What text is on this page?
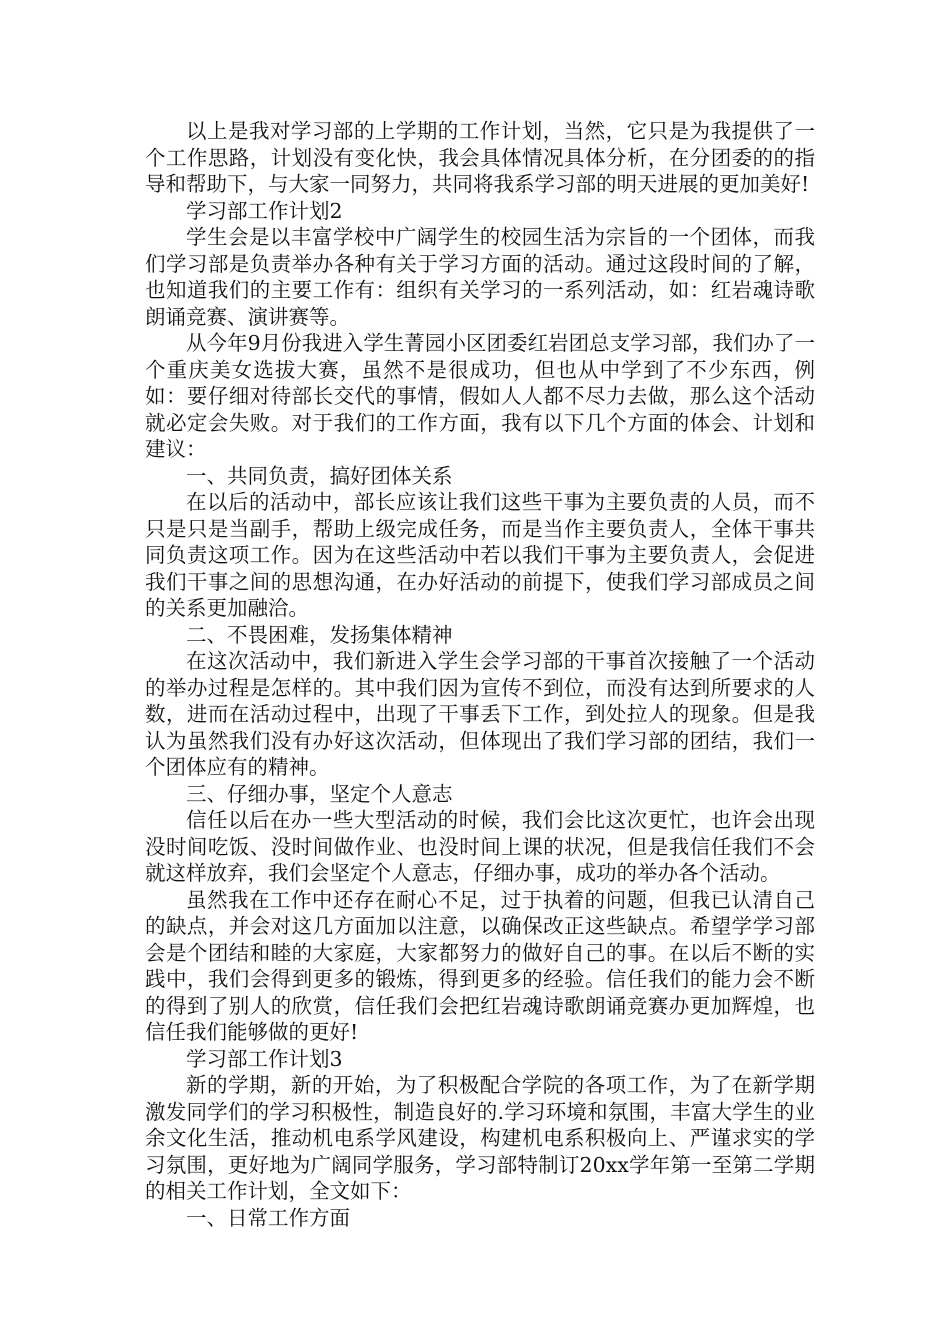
以上是我对学习部的上学期的工作计划，当然，它只是为我提供了一个工作思路，计划没有变化快，我会具体情况具体分析，在分团委的的指导和帮助下，与大家一同努力，共同将我系学习部的明天进展的更加美好!

学习部工作计划2

学生会是以丰富学校中广阔学生的校园生活为宗旨的一个团体，而我们学习部是负责举办各种有关于学习方面的活动。通过这段时间的了解，也知道我们的主要工作有：组织有关学习的一系列活动，如：红岩魂诗歌朗诵竞赛、演讲赛等。

从今年9月份我进入学生菁园小区团委红岩团总支学习部，我们办了一个重庆美女选拔大赛，虽然不是很成功，但也从中学到了不少东西，例如：要仔细对待部长交代的事情，假如人人都不尽力去做，那么这个活动就必定会失败。对于我们的工作方面，我有以下几个方面的体会、计划和建议：

一、共同负责，搞好团体关系

在以后的活动中，部长应该让我们这些干事为主要负责的人员，而不只是只是当副手，帮助上级完成任务，而是当作主要负责人，全体干事共同负责这项工作。因为在这些活动中若以我们干事为主要负责人，会促进我们干事之间的思想沟通，在办好活动的前提下，使我们学习部成员之间的关系更加融洽。

二、不畏困难，发扬集体精神

在这次活动中，我们新进入学生会学习部的干事首次接触了一个活动的举办过程是怎样的。其中我们因为宣传不到位，而没有达到所要求的人数，进而在活动过程中，出现了干事丢下工作，到处拉人的现象。但是我认为虽然我们没有办好这次活动，但体现出了我们学习部的团结，我们一个团体应有的精神。

三、仔细办事，坚定个人意志

信任以后在办一些大型活动的时候，我们会比这次更忙，也许会出现没时间吃饭、没时间做作业、也没时间上课的状况，但是我信任我们不会就这样放弃，我们会坚定个人意志，仔细办事，成功的举办各个活动。

虽然我在工作中还存在耐心不足，过于执着的问题，但我已认清自己的缺点，并会对这几方面加以注意，以确保改正这些缺点。希望学学习部会是个团结和睦的大家庭，大家都努力的做好自己的事。在以后不断的实践中，我们会得到更多的锻炼，得到更多的经验。信任我们的能力会不断的得到了别人的欣赏，信任我们会把红岩魂诗歌朗诵竞赛办更加辉煌，也信任我们能够做的更好!

学习部工作计划3

新的学期，新的开始，为了积极配合学院的各项工作，为了在新学期激发同学们的学习积极性，制造良好的.学习环境和氛围，丰富大学生的业余文化生活，推动机电系学风建设，构建机电系积极向上、严谨求实的学习氛围，更好地为广阔同学服务，学习部特制订20xx学年第一至第二学期的相关工作计划，全文如下：

一、日常工作方面
